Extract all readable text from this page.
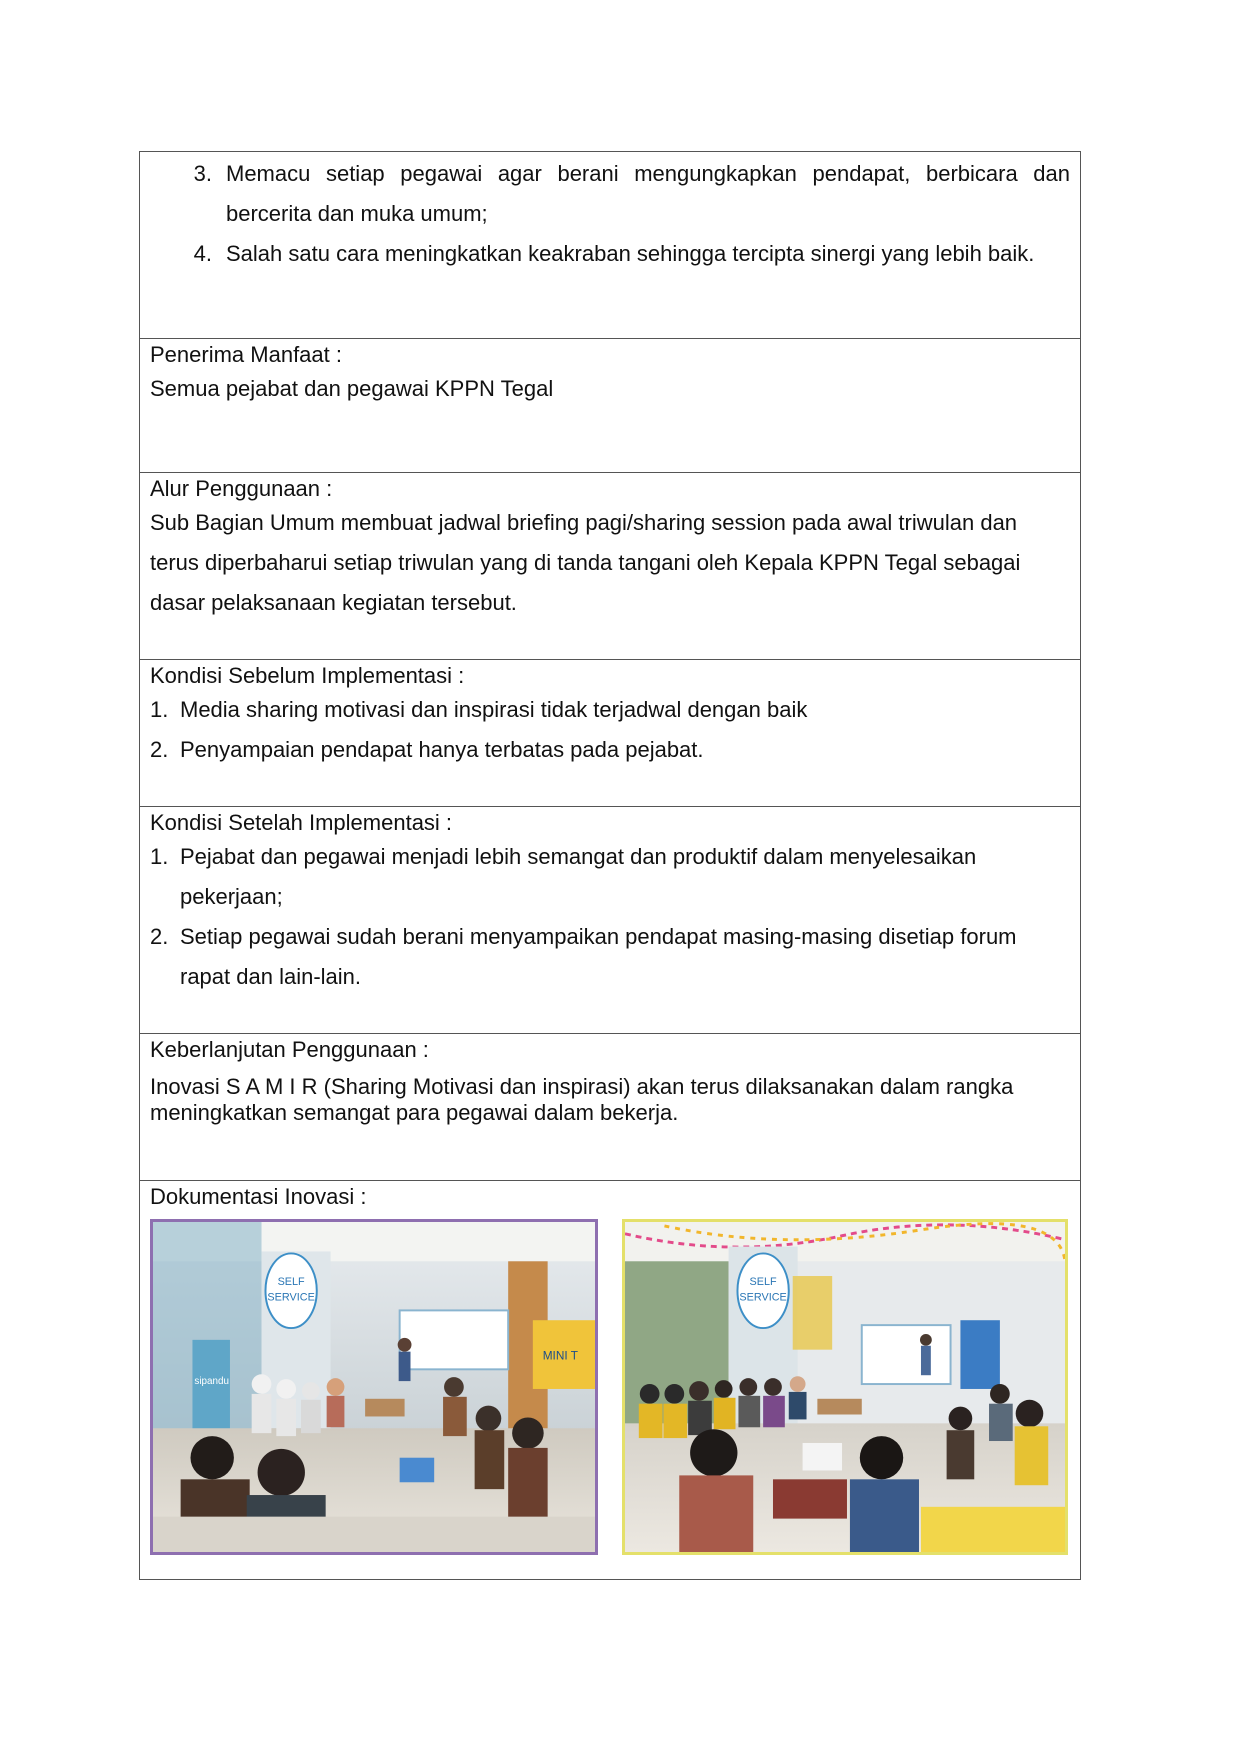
3. Memacu setiap pegawai agar berani mengungkapkan pendapat, berbicara dan bercerita dan muka umum;
4. Salah satu cara meningkatkan keakraban sehingga tercipta sinergi yang lebih baik.
Penerima Manfaat :
Semua pejabat dan pegawai KPPN Tegal
Alur Penggunaan :
Sub Bagian Umum membuat jadwal briefing pagi/sharing session pada awal triwulan dan terus diperbaharui setiap triwulan yang di tanda tangani oleh Kepala KPPN Tegal sebagai dasar pelaksanaan kegiatan tersebut.
Kondisi Sebelum Implementasi :
1. Media sharing motivasi dan inspirasi tidak terjadwal dengan baik
2. Penyampaian pendapat hanya terbatas pada pejabat.
Kondisi Setelah Implementasi :
1. Pejabat dan pegawai menjadi lebih semangat dan produktif dalam menyelesaikan pekerjaan;
2. Setiap pegawai sudah berani menyampaikan pendapat masing-masing disetiap forum rapat dan lain-lain.
Keberlanjutan Penggunaan :
Inovasi S A M I R (Sharing Motivasi dan inspirasi) akan terus dilaksanakan dalam rangka meningkatkan semangat para pegawai dalam bekerja.
Dokumentasi Inovasi :
SELF
SERVICE
MINI T
sipandu
SELF
SERVICE
